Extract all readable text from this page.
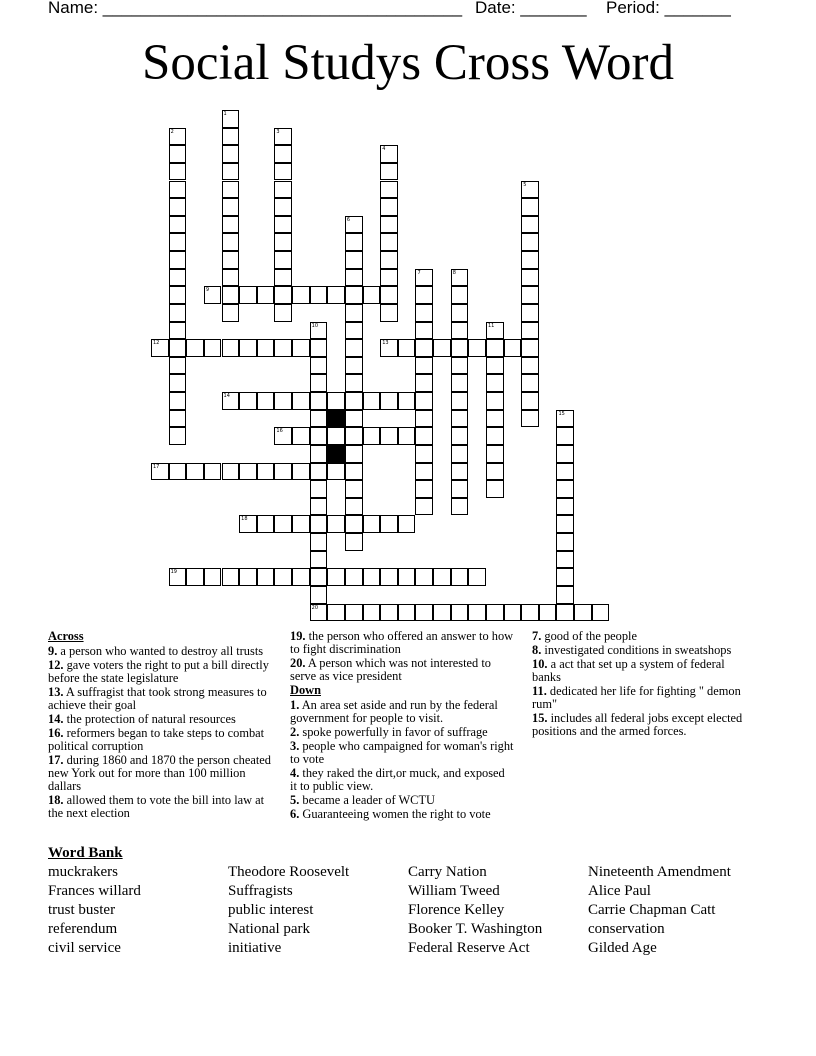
Name: ______________________________________

Date: _______

Period: _______

Social Studys Cross Word
1
2	3
4
5
6
7	8
9
10
20
11
12	13
14
15
16
17
18
19
Across
9. a person who wanted to destroy all trusts
12. gave voters the right to put a bill directly before the state legislature
13. A suffragist that took strong measures to achieve their goal
14. the protection of natural resources
16. reformers began to take steps to combat political corruption
17. during 1860 and 1870 the person cheated new York out for more than 100 million dallars
18. allowed them to vote the bill into law at the next election
19. the person who offered an answer to how to fight discrimination
20. A person which was not interested to serve as vice president
Down
1. An area set aside and run by the federal government for people to visit.
2. spoke powerfully in favor of suffrage
3. people who campaigned for woman's right to vote
4. they raked the dirt,or muck, and exposed it to public view.
5. became a leader of WCTU
6. Guaranteeing women the right to vote
7. good of the people
8. investigated conditions in sweatshops
10. a act that set up a system of federal banks
11. dedicated her life for fighting " demon rum"
15. includes all federal jobs except elected positions and the armed forces.
Word Bank
muckrakers
Frances willard
trust buster
referendum
civil service
Theodore Roosevelt
Suffragists
public interest
National park
initiative
Carry Nation
William Tweed
Florence Kelley
Booker T. Washington
Federal Reserve Act
Nineteenth Amendment
Alice Paul
Carrie Chapman Catt
conservation
Gilded Age
